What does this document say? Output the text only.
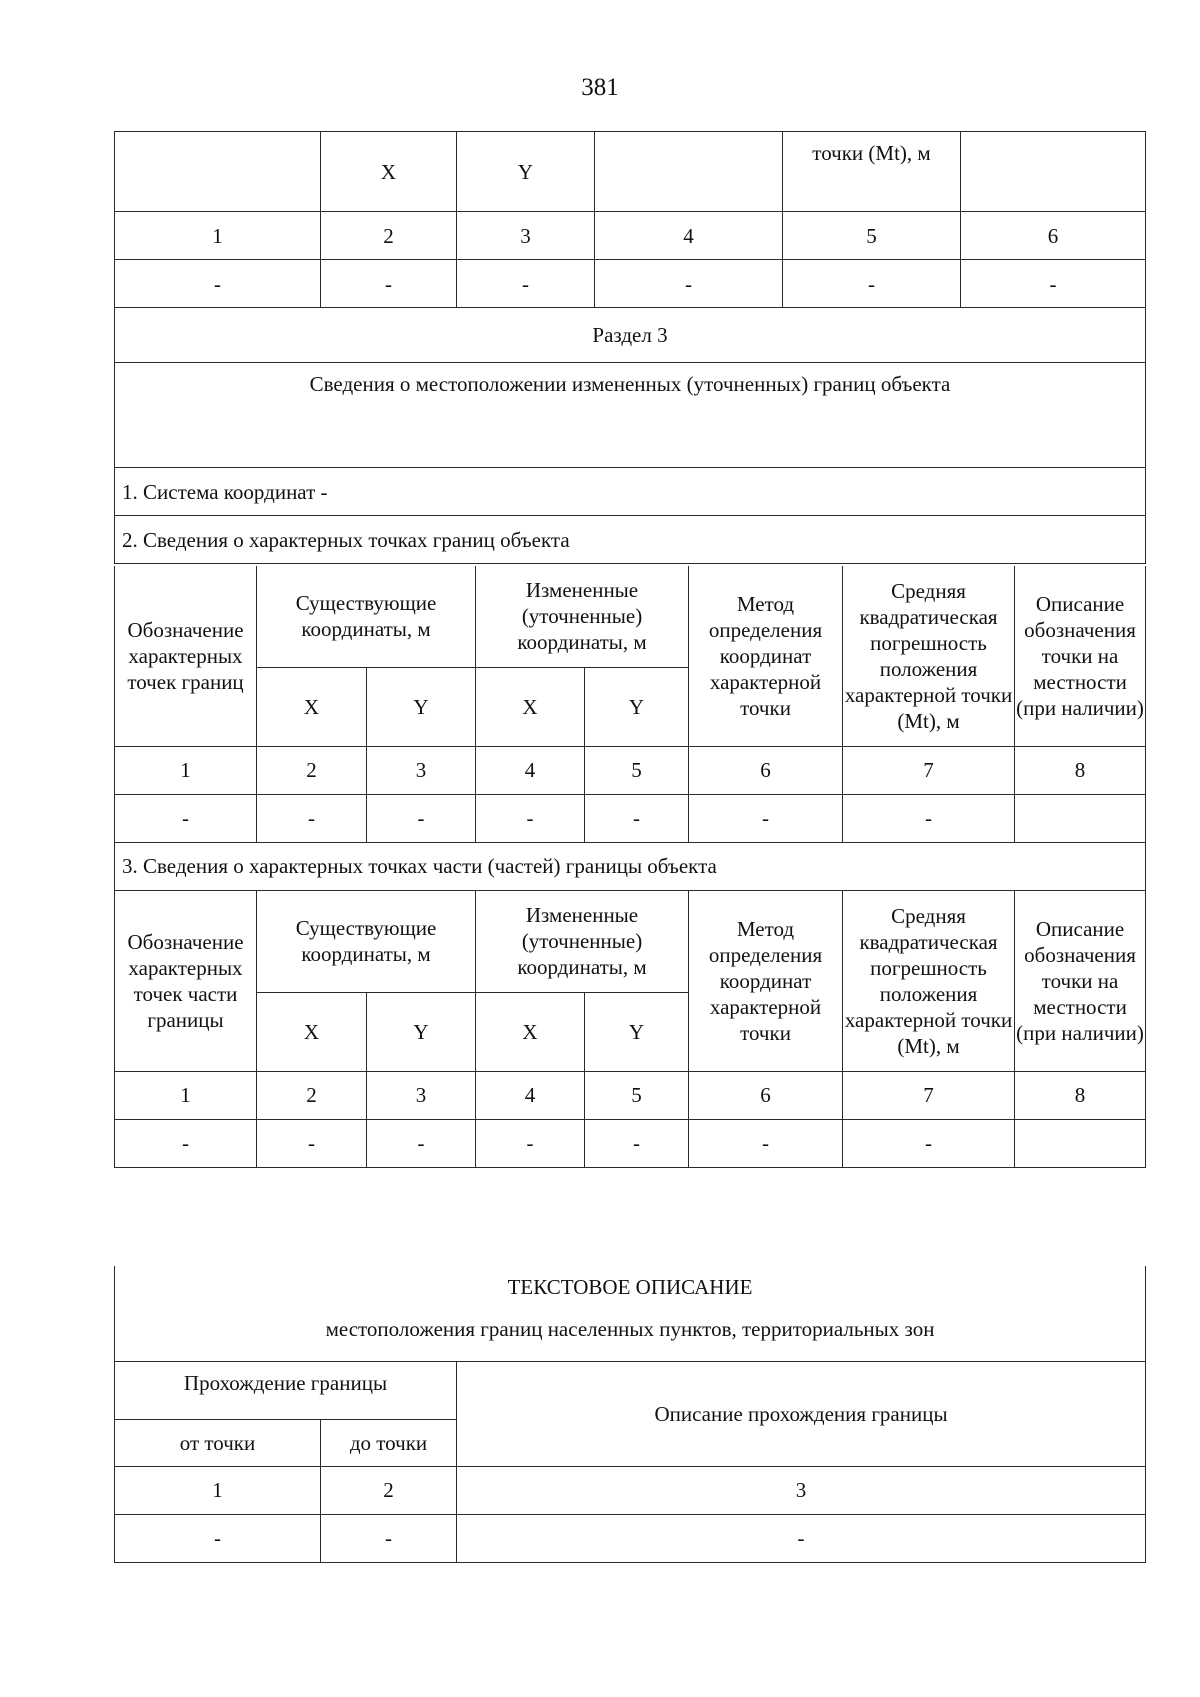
381
	X	Y		точки (Mt), м	
1	2	3	4	5	6
-	-	-	-	-	-
Раздел 3					
Сведения о местоположении измененных (уточненных) границ объекта					
1. Система координат -					
2. Сведения о характерных точках границ объекта					
Обозначение характерных точек границ	Существующие координаты, м		Измененные (уточненные) координаты, м		Метод определения координат характерной точки	Средняя квадратическая погрешность положения характерной точки (Mt), м	Описание обозначения точки на местности (при наличии)
	X	Y	X	Y			
1	2	3	4	5	6	7	8
-	-	-	-	-	-	-	
3. Сведения о характерных точках части (частей) границы объекта							
Обозначение характерных точек части границы	Существующие координаты, м		Измененные (уточненные) координаты, м		Метод определения координат характерной точки	Средняя квадратическая погрешность положения характерной точки (Mt), м	Описание обозначения точки на местности (при наличии)
	X	Y	X	Y			
1	2	3	4	5	6	7	8
-	-	-	-	-	-	-	
ТЕКСТОВОЕ ОПИСАНИЕ
местоположения границ населенных пунктов, территориальных зон		

Прохождение границы		Описание прохождения границы
от точки	до точки	
1	2	3
-	-	-
